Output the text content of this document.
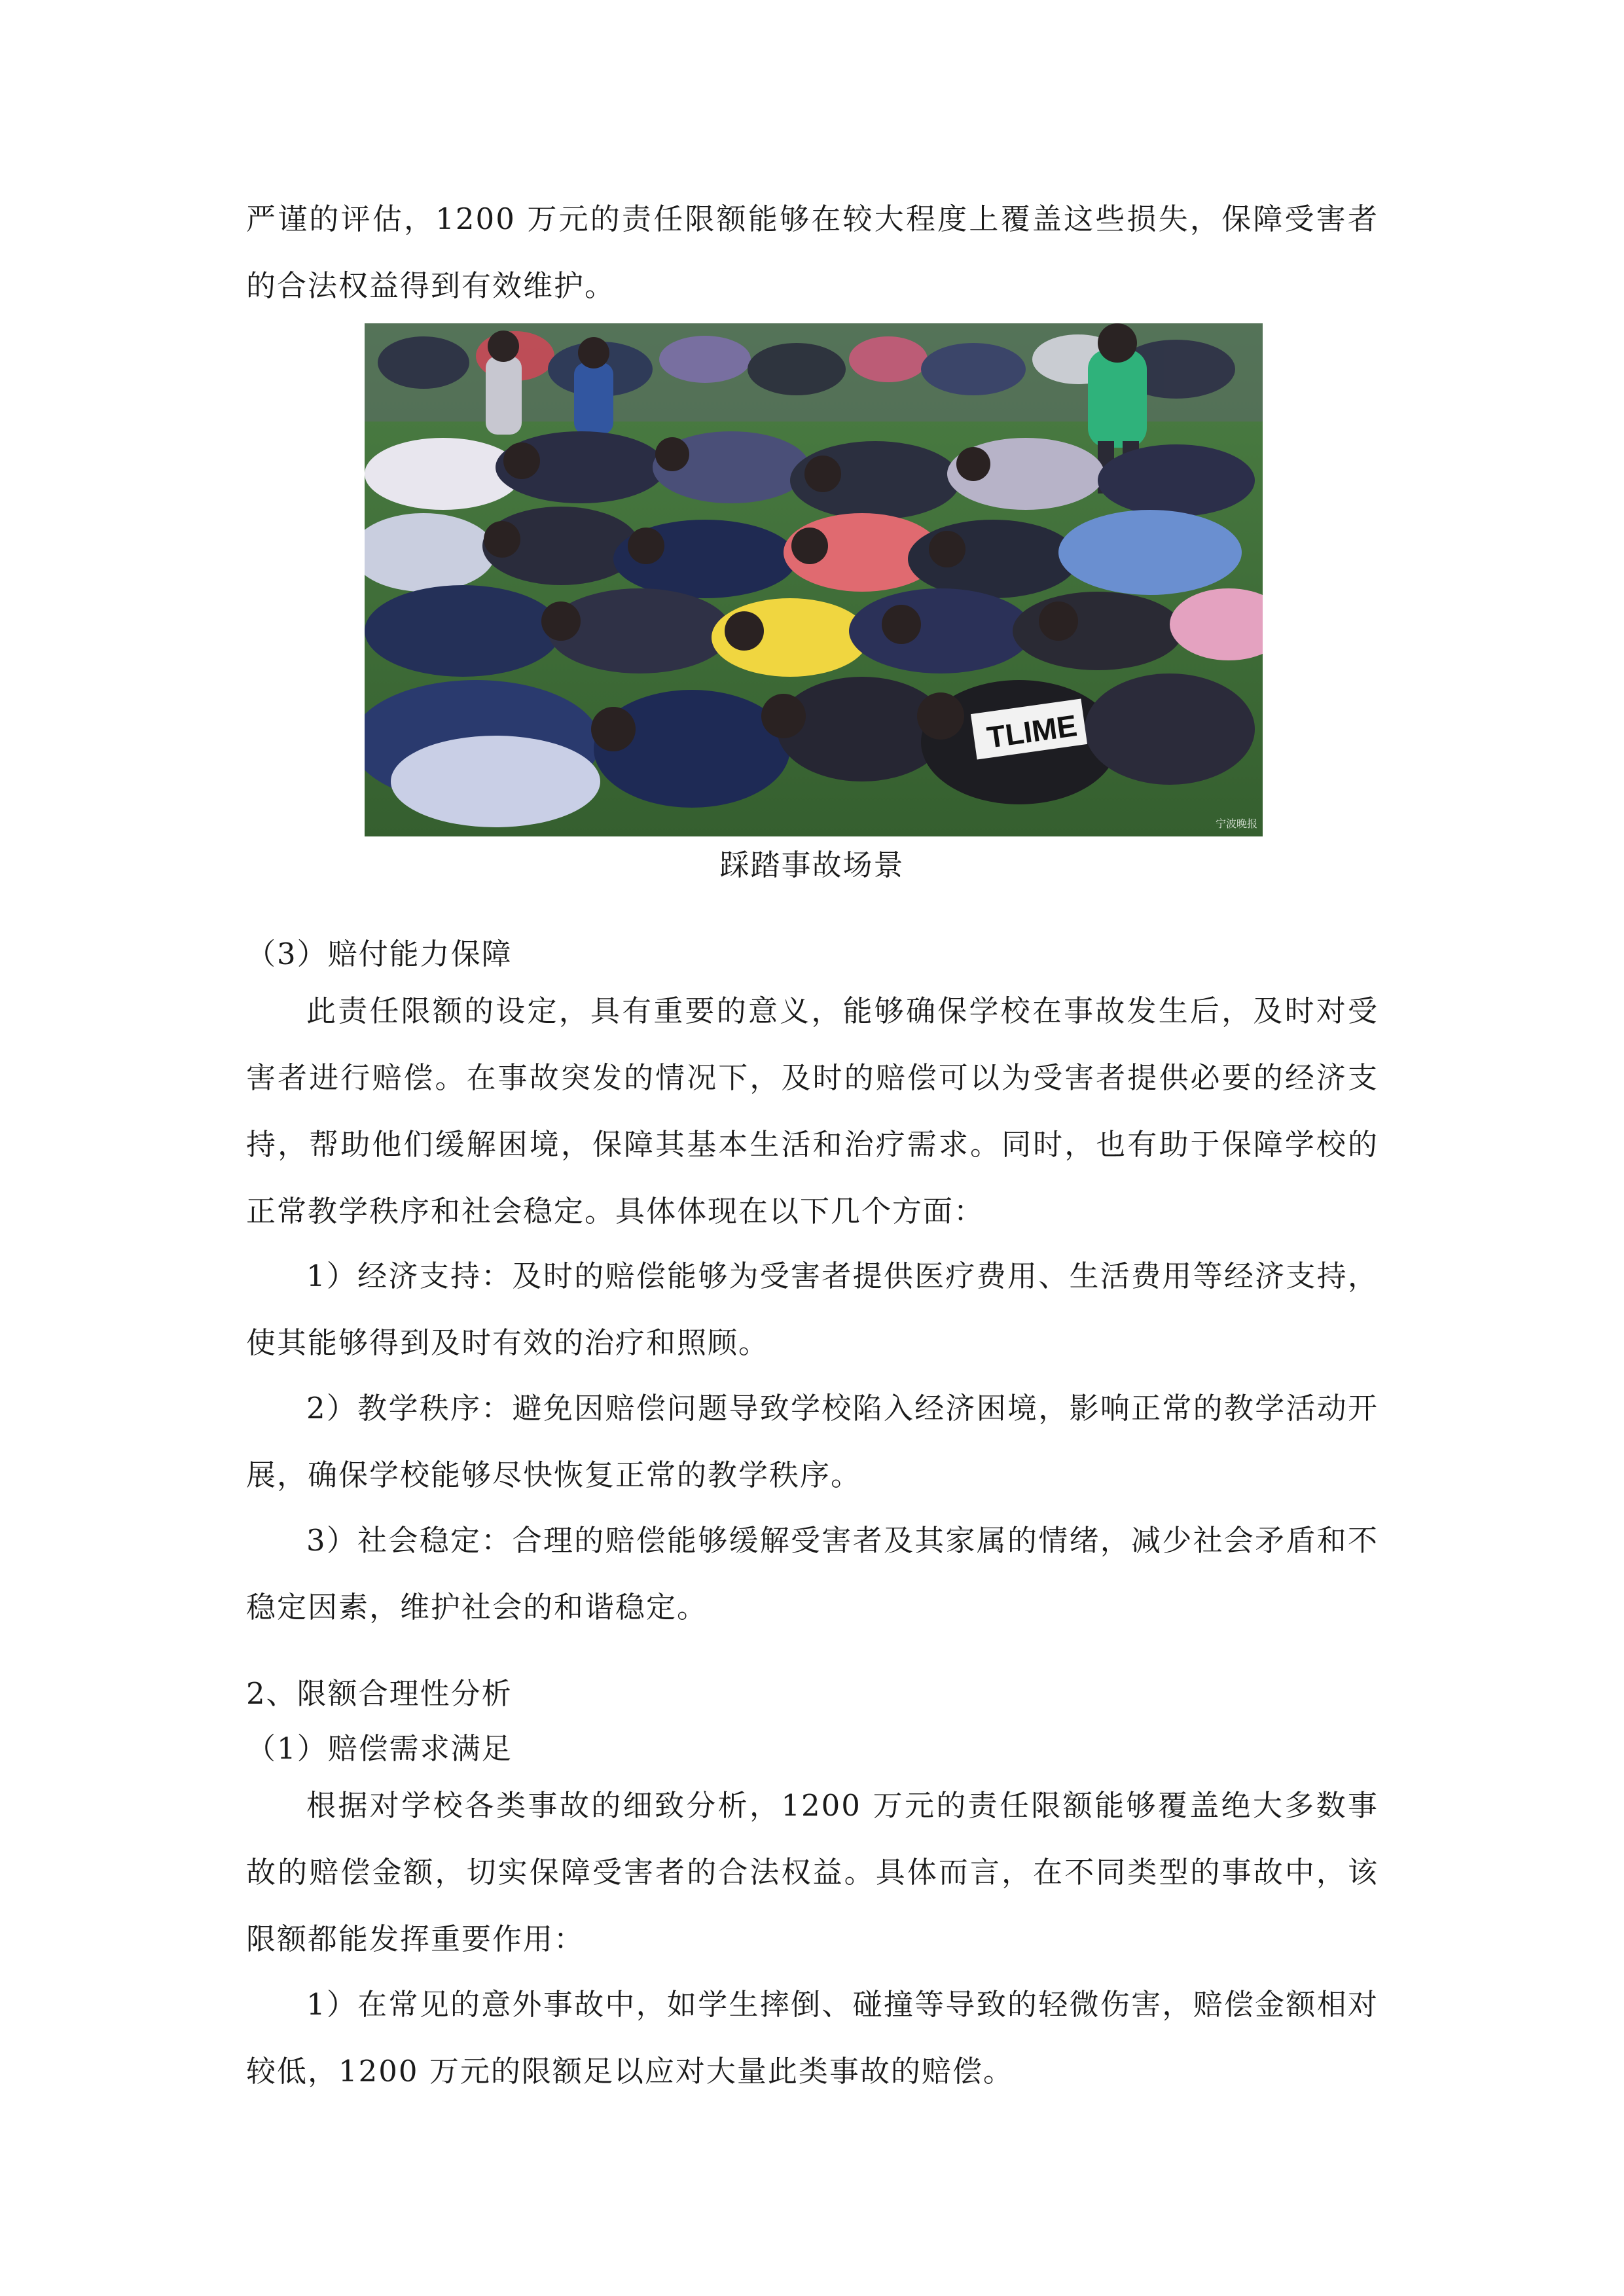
严谨的评估，1200 万元的责任限额能够在较大程度上覆盖这些损失，保障受害者的合法权益得到有效维护。

TLIME
宁波晚报

踩踏事故场景

（3）赔付能力保障

此责任限额的设定，具有重要的意义，能够确保学校在事故发生后，及时对受害者进行赔偿。在事故突发的情况下，及时的赔偿可以为受害者提供必要的经济支持，帮助他们缓解困境，保障其基本生活和治疗需求。同时，也有助于保障学校的正常教学秩序和社会稳定。具体体现在以下几个方面：

1）经济支持：及时的赔偿能够为受害者提供医疗费用、生活费用等经济支持，使其能够得到及时有效的治疗和照顾。

2）教学秩序：避免因赔偿问题导致学校陷入经济困境，影响正常的教学活动开展，确保学校能够尽快恢复正常的教学秩序。

3）社会稳定：合理的赔偿能够缓解受害者及其家属的情绪，减少社会矛盾和不稳定因素，维护社会的和谐稳定。

2、限额合理性分析

（1）赔偿需求满足

根据对学校各类事故的细致分析，1200 万元的责任限额能够覆盖绝大多数事故的赔偿金额，切实保障受害者的合法权益。具体而言，在不同类型的事故中，该限额都能发挥重要作用：

1）在常见的意外事故中，如学生摔倒、碰撞等导致的轻微伤害，赔偿金额相对较低，1200 万元的限额足以应对大量此类事故的赔偿。
